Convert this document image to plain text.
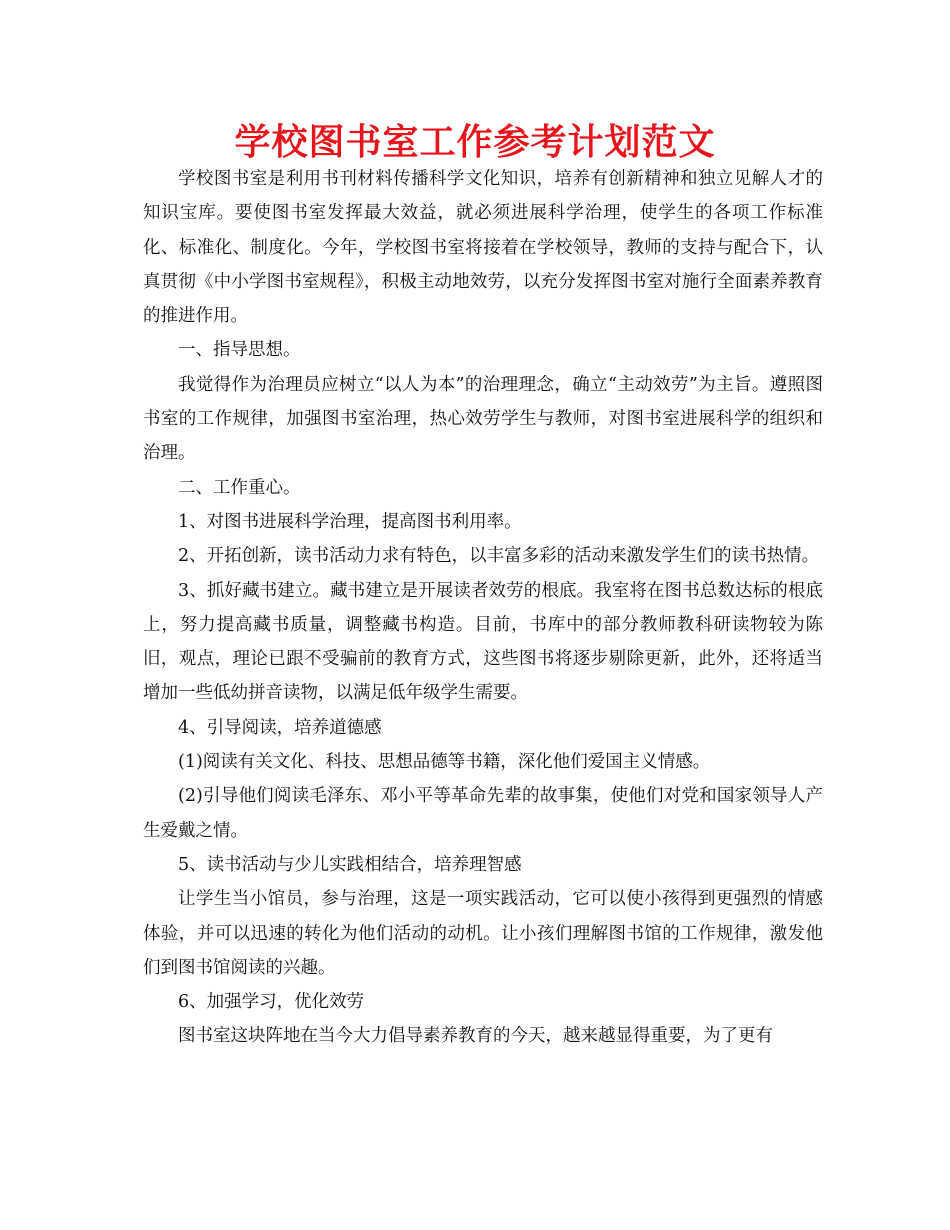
学校图书室工作参考计划范文

学校图书室是利用书刊材料传播科学文化知识，培养有创新精神和独立见解人才的知识宝库。要使图书室发挥最大效益，就必须进展科学治理，使学生的各项工作标准化、标准化、制度化。今年，学校图书室将接着在学校领导，教师的支持与配合下，认真贯彻《中小学图书室规程》，积极主动地效劳，以充分发挥图书室对施行全面素养教育的推进作用。

一、指导思想。

我觉得作为治理员应树立“以人为本”的治理理念，确立“主动效劳”为主旨。遵照图书室的工作规律，加强图书室治理，热心效劳学生与教师，对图书室进展科学的组织和治理。

二、工作重心。

1、对图书进展科学治理，提高图书利用率。

2、开拓创新，读书活动力求有特色，以丰富多彩的活动来激发学生们的读书热情。

3、抓好藏书建立。藏书建立是开展读者效劳的根底。我室将在图书总数达标的根底上，努力提高藏书质量，调整藏书构造。目前，书库中的部分教师教科研读物较为陈旧，观点，理论已跟不受骗前的教育方式，这些图书将逐步剔除更新，此外，还将适当增加一些低幼拼音读物，以满足低年级学生需要。

4、引导阅读，培养道德感

(1)阅读有关文化、科技、思想品德等书籍，深化他们爱国主义情感。

(2)引导他们阅读毛泽东、邓小平等革命先辈的故事集，使他们对党和国家领导人产生爱戴之情。

5、读书活动与少儿实践相结合，培养理智感

让学生当小馆员，参与治理，这是一项实践活动，它可以使小孩得到更强烈的情感体验，并可以迅速的转化为他们活动的动机。让小孩们理解图书馆的工作规律，激发他们到图书馆阅读的兴趣。

6、加强学习，优化效劳

图书室这块阵地在当今大力倡导素养教育的今天，越来越显得重要，为了更有
